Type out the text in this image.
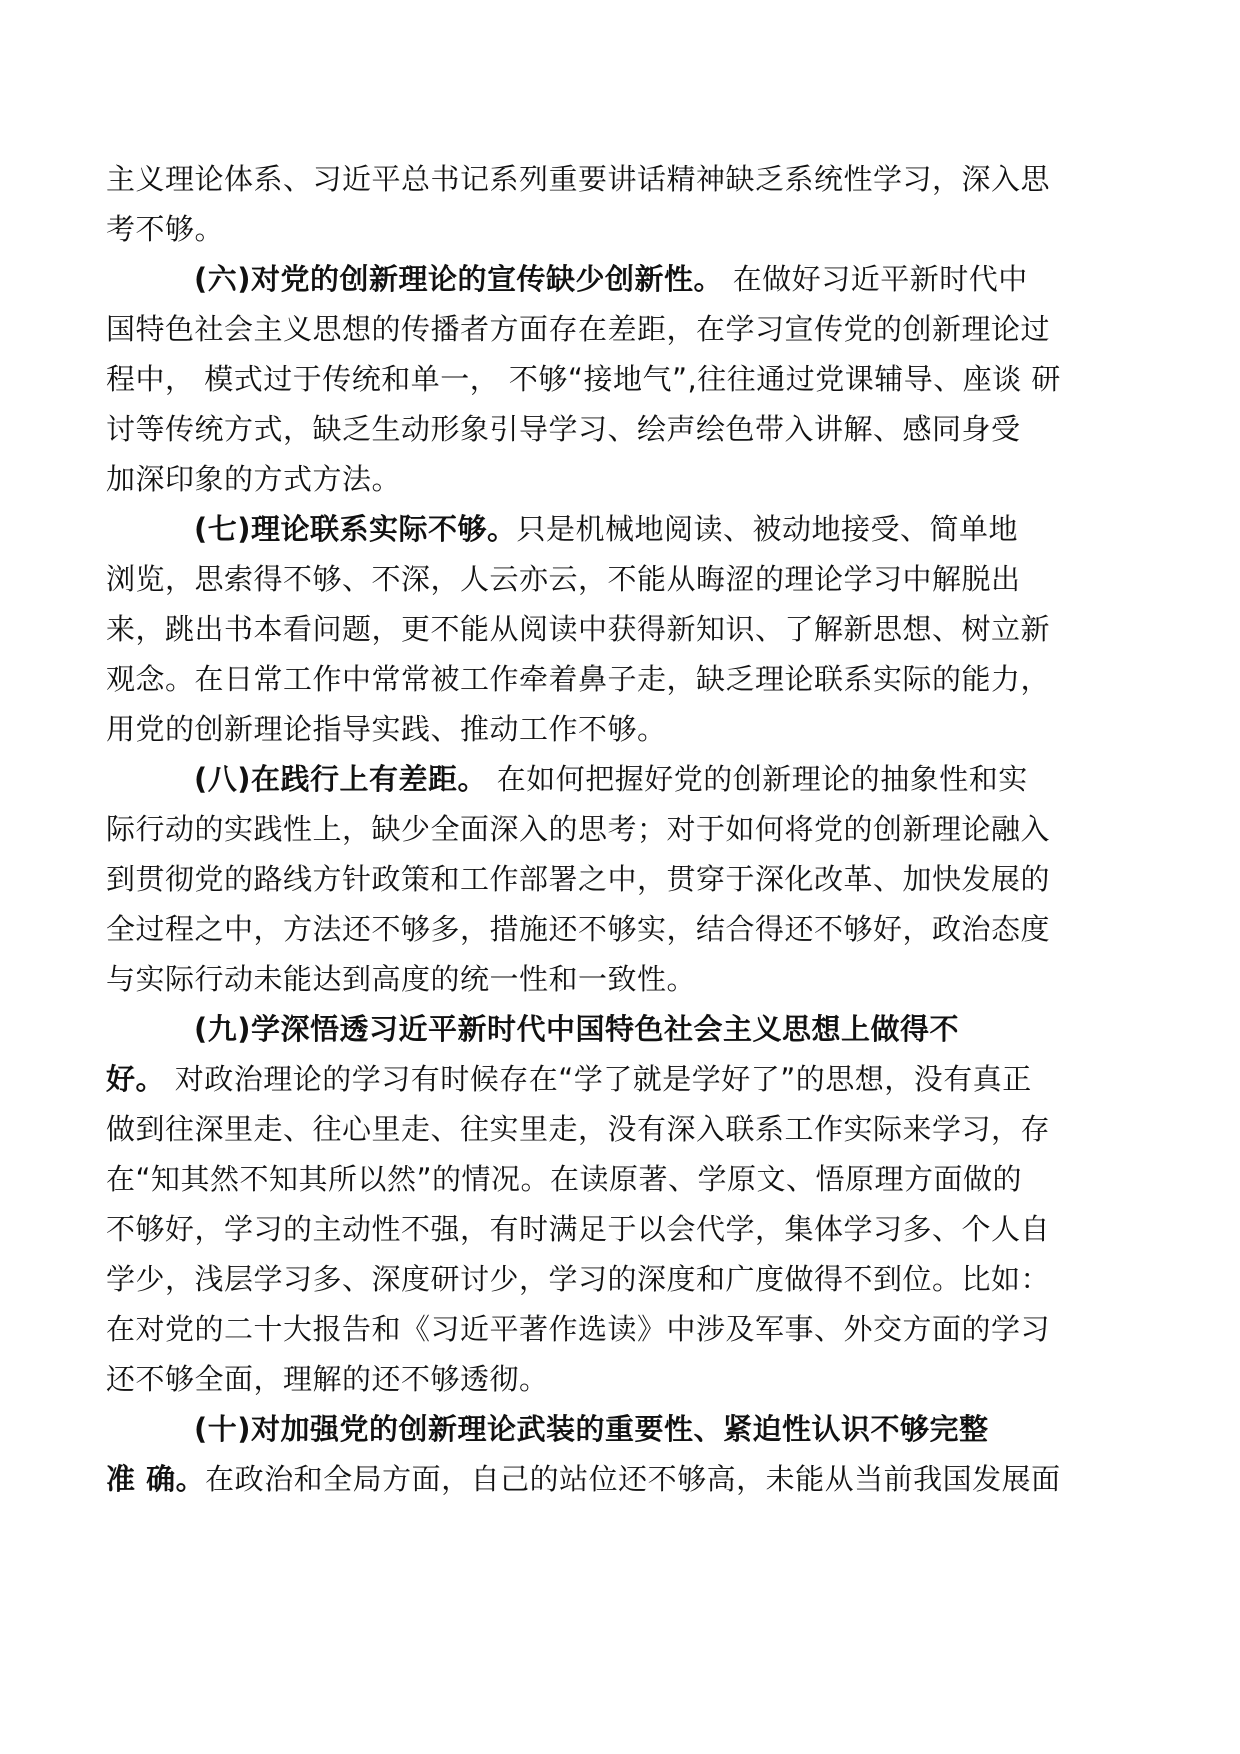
主义理论体系、习近平总书记系列重要讲话精神缺乏系统性学习，深入思
考不够。
(六)对党的创新理论的宣传缺少创新性。 在做好习近平新时代中
国特色社会主义思想的传播者方面存在差距，在学习宣传党的创新理论过
程中， 模式过于传统和单一， 不够“接地气”,往往通过党课辅导、座谈 研
讨等传统方式，缺乏生动形象引导学习、绘声绘色带入讲解、感同身受
加深印象的方式方法。
(七)理论联系实际不够。只是机械地阅读、被动地接受、简单地
浏览，思索得不够、不深，人云亦云，不能从晦涩的理论学习中解脱出
来，跳出书本看问题，更不能从阅读中获得新知识、了解新思想、树立新
观念。在日常工作中常常被工作牵着鼻子走，缺乏理论联系实际的能力，
用党的创新理论指导实践、推动工作不够。
(八)在践行上有差距。 在如何把握好党的创新理论的抽象性和实
际行动的实践性上，缺少全面深入的思考；对于如何将党的创新理论融入
到贯彻党的路线方针政策和工作部署之中，贯穿于深化改革、加快发展的
全过程之中，方法还不够多，措施还不够实，结合得还不够好，政治态度
与实际行动未能达到高度的统一性和一致性。
(九)学深悟透习近平新时代中国特色社会主义思想上做得不
好。 对政治理论的学习有时候存在“学了就是学好了”的思想，没有真正
做到往深里走、往心里走、往实里走，没有深入联系工作实际来学习，存
在“知其然不知其所以然”的情况。在读原著、学原文、悟原理方面做的
不够好，学习的主动性不强，有时满足于以会代学，集体学习多、个人自
学少，浅层学习多、深度研讨少，学习的深度和广度做得不到位。比如：
在对党的二十大报告和《习近平著作选读》中涉及军事、外交方面的学习
还不够全面，理解的还不够透彻。
(十)对加强党的创新理论武装的重要性、紧迫性认识不够完整
准 确。在政治和全局方面，自己的站位还不够高，未能从当前我国发展面
